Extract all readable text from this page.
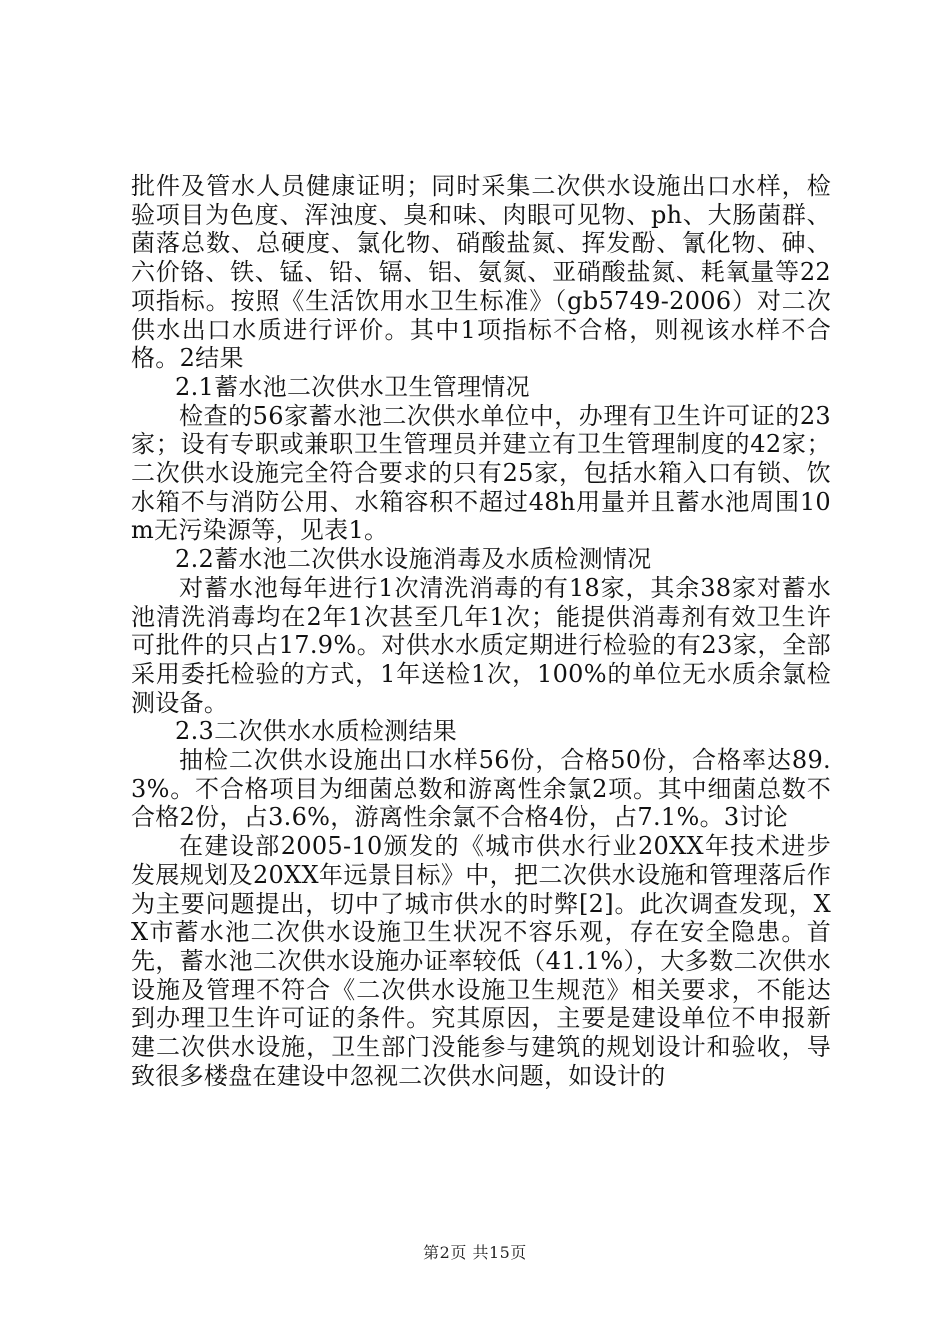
批件及管水人员健康证明；同时采集二次供水设施出口水样，检验项目为色度、浑浊度、臭和味、肉眼可见物、ph、大肠菌群、菌落总数、总硬度、氯化物、硝酸盐氮、挥发酚、氰化物、砷、六价铬、铁、锰、铅、镉、铝、氨氮、亚硝酸盐氮、耗氧量等22项指标。按照《生活饮用水卫生标准》（gb5749-2006）对二次供水出口水质进行评价。其中1项指标不合格，则视该水样不合格。2结果

2.1蓄水池二次供水卫生管理情况

检查的56家蓄水池二次供水单位中，办理有卫生许可证的23家；设有专职或兼职卫生管理员并建立有卫生管理制度的42家；二次供水设施完全符合要求的只有25家，包括水箱入口有锁、饮水箱不与消防公用、水箱容积不超过48h用量并且蓄水池周围10m无污染源等，见表1。

2.2蓄水池二次供水设施消毒及水质检测情况

对蓄水池每年进行1次清洗消毒的有18家，其余38家对蓄水池清洗消毒均在2年1次甚至几年1次；能提供消毒剂有效卫生许可批件的只占17.9%。对供水水质定期进行检验的有23家，全部采用委托检验的方式，1年送检1次，100%的单位无水质余氯检测设备。

2.3二次供水水质检测结果

抽检二次供水设施出口水样56份，合格50份，合格率达89.3%。不合格项目为细菌总数和游离性余氯2项。其中细菌总数不合格2份，占3.6%，游离性余氯不合格4份，占7.1%。3讨论

在建设部2005-10颁发的《城市供水行业20XX年技术进步发展规划及20XX年远景目标》中，把二次供水设施和管理落后作为主要问题提出，切中了城市供水的时弊[2]。此次调查发现，XX市蓄水池二次供水设施卫生状况不容乐观，存在安全隐患。首先，蓄水池二次供水设施办证率较低（41.1%），大多数二次供水设施及管理不符合《二次供水设施卫生规范》相关要求，不能达到办理卫生许可证的条件。究其原因，主要是建设单位不申报新建二次供水设施，卫生部门没能参与建筑的规划设计和验收，导致很多楼盘在建设中忽视二次供水问题，如设计的

第2页 共15页
